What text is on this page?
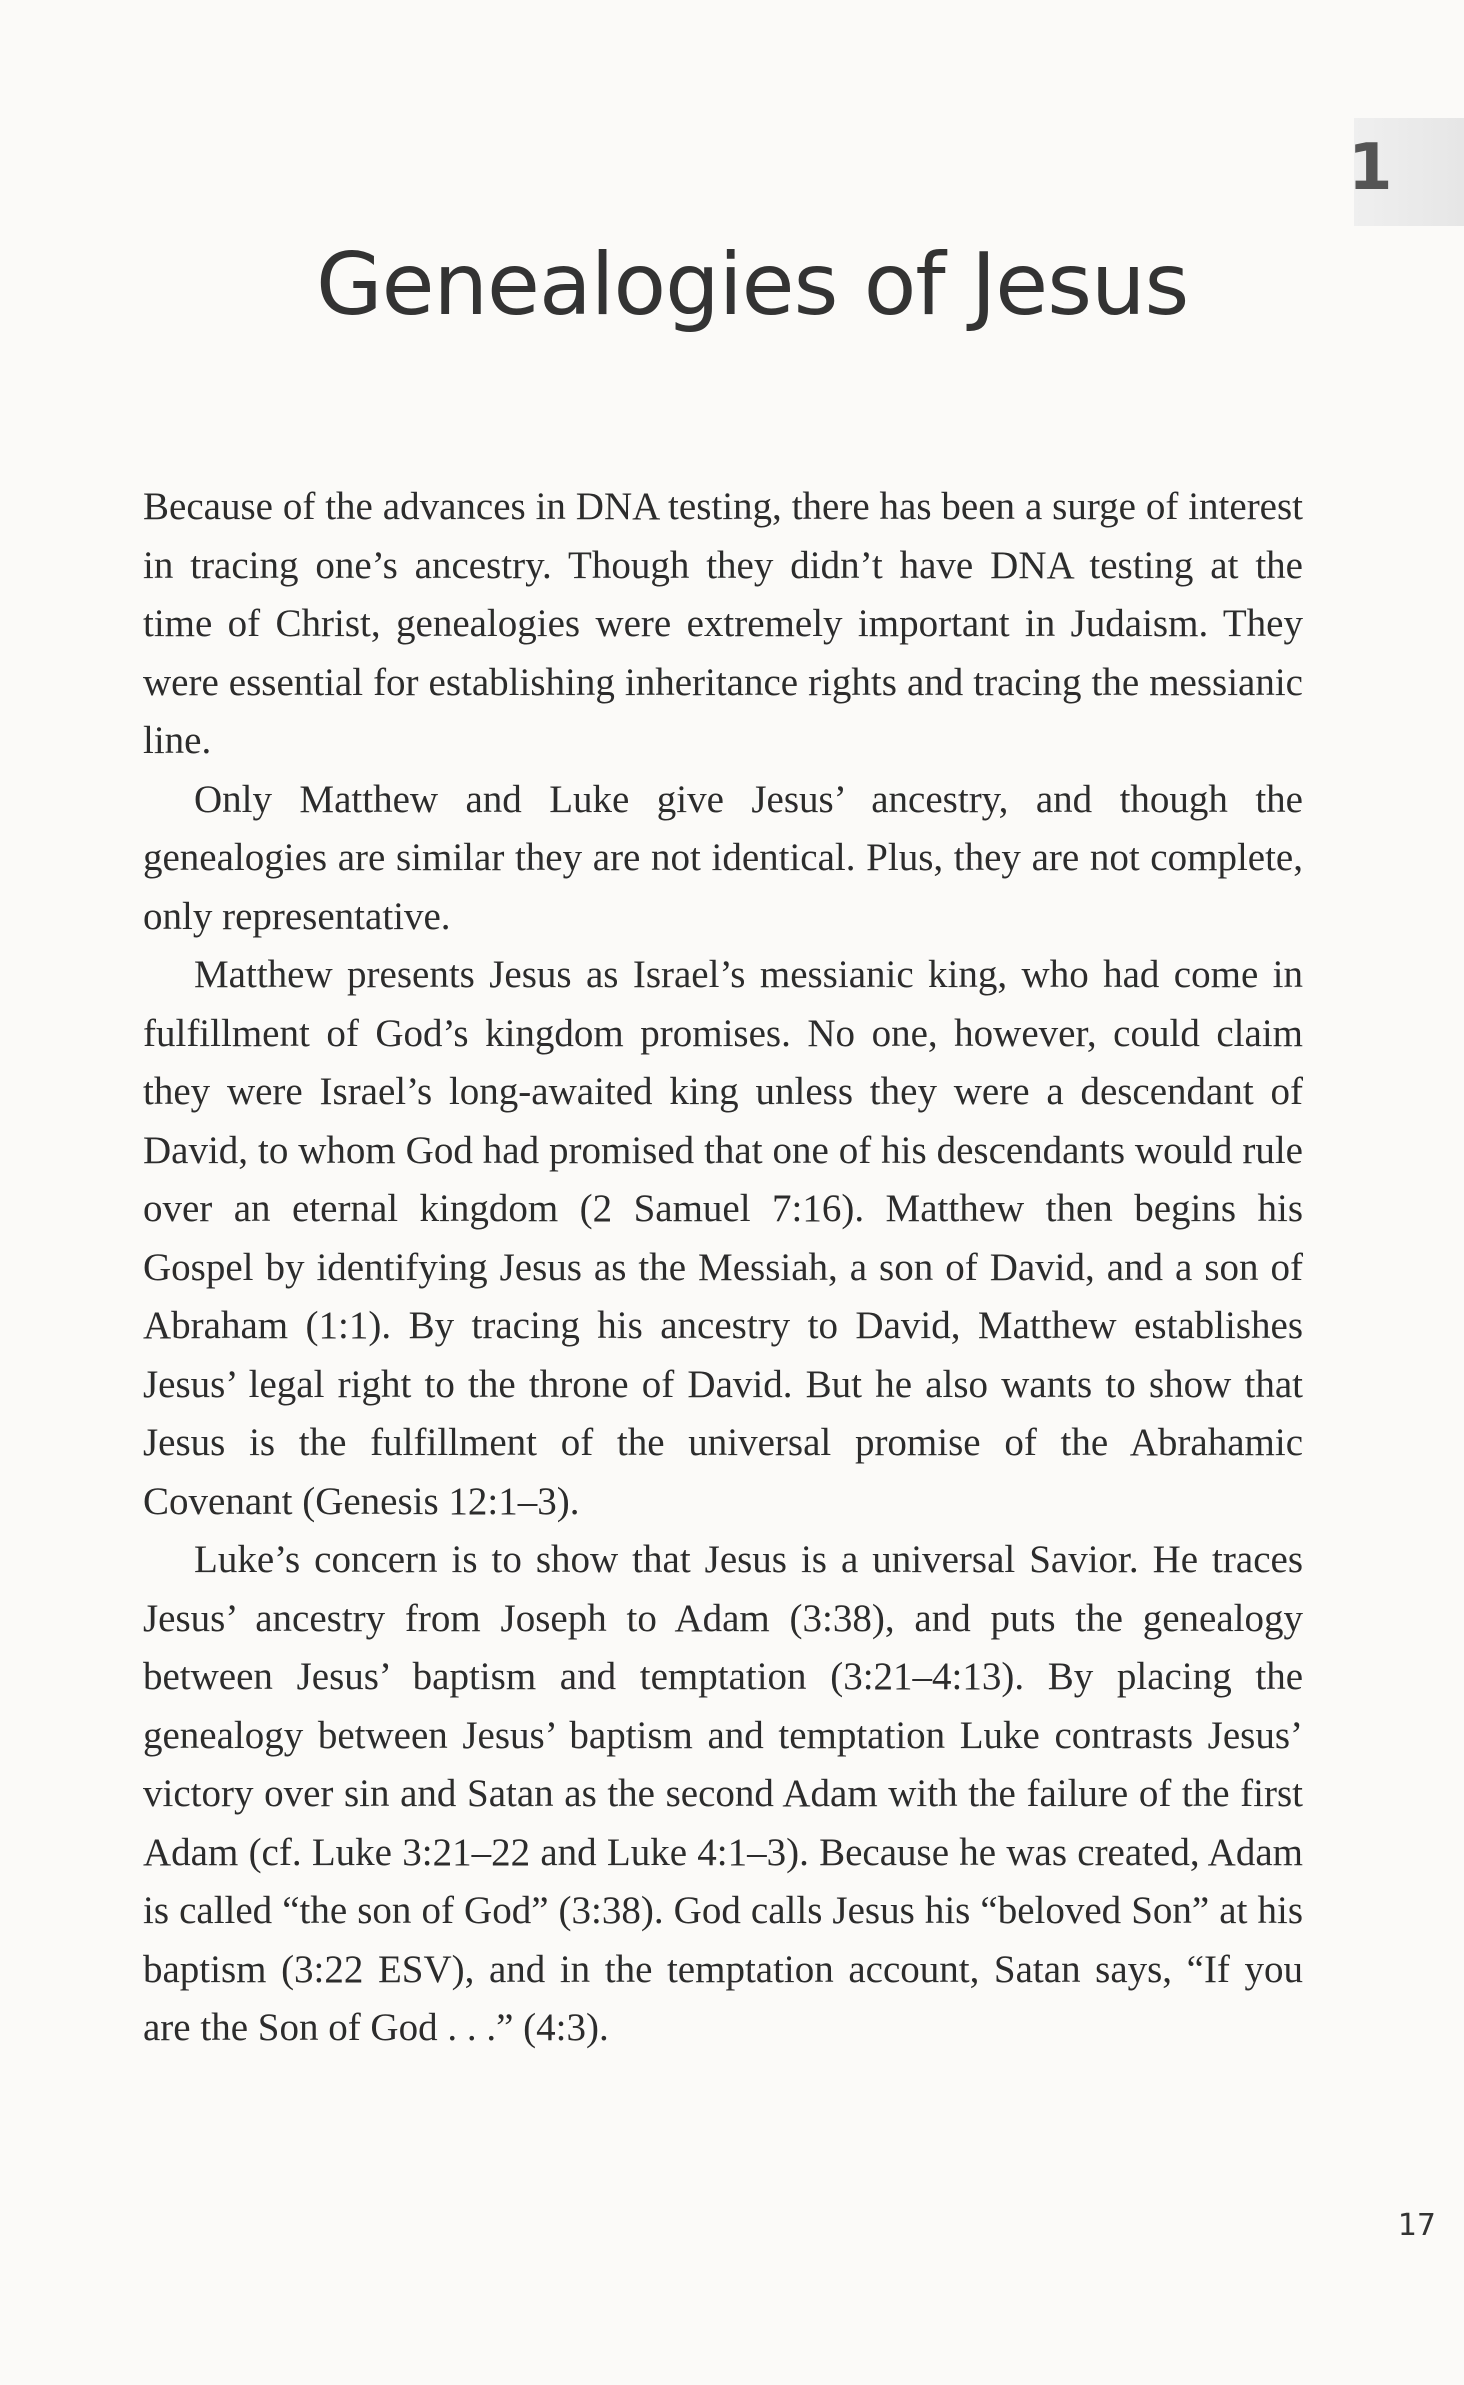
1
Genealogies of Jesus

Because of the advances in DNA testing, there has been a surge of interest in tracing one’s ancestry. Though they didn’t have DNA testing at the time of Christ, genealogies were extremely important in Judaism. They were essential for establishing inheritance rights and tracing the messianic line.

Only Matthew and Luke give Jesus’ ancestry, and though the genealogies are similar they are not identical. Plus, they are not complete, only representative.

Matthew presents Jesus as Israel’s messianic king, who had come in fulfillment of God’s kingdom promises. No one, however, could claim they were Israel’s long-awaited king unless they were a descendant of David, to whom God had promised that one of his descendants would rule over an eternal kingdom (2 Samuel 7:16). Matthew then begins his Gospel by identifying Jesus as the Messiah, a son of David, and a son of Abraham (1:1). By tracing his ancestry to David, Matthew establishes Jesus’ legal right to the throne of David. But he also wants to show that Jesus is the fulfillment of the universal promise of the Abrahamic Covenant (Genesis 12:1–3).

Luke’s concern is to show that Jesus is a universal Savior. He traces Jesus’ ancestry from Joseph to Adam (3:38), and puts the genealogy between Jesus’ baptism and temptation (3:21–4:13). By placing the genealogy between Jesus’ baptism and temptation Luke contrasts Jesus’ victory over sin and Satan as the second Adam with the failure of the first Adam (cf. Luke 3:21–22 and Luke 4:1–3). Because he was created, Adam is called “the son of God” (3:38). God calls Jesus his “beloved Son” at his baptism (3:22 ESV), and in the temptation account, Satan says, “If you are the Son of God . . .” (4:3).

17
